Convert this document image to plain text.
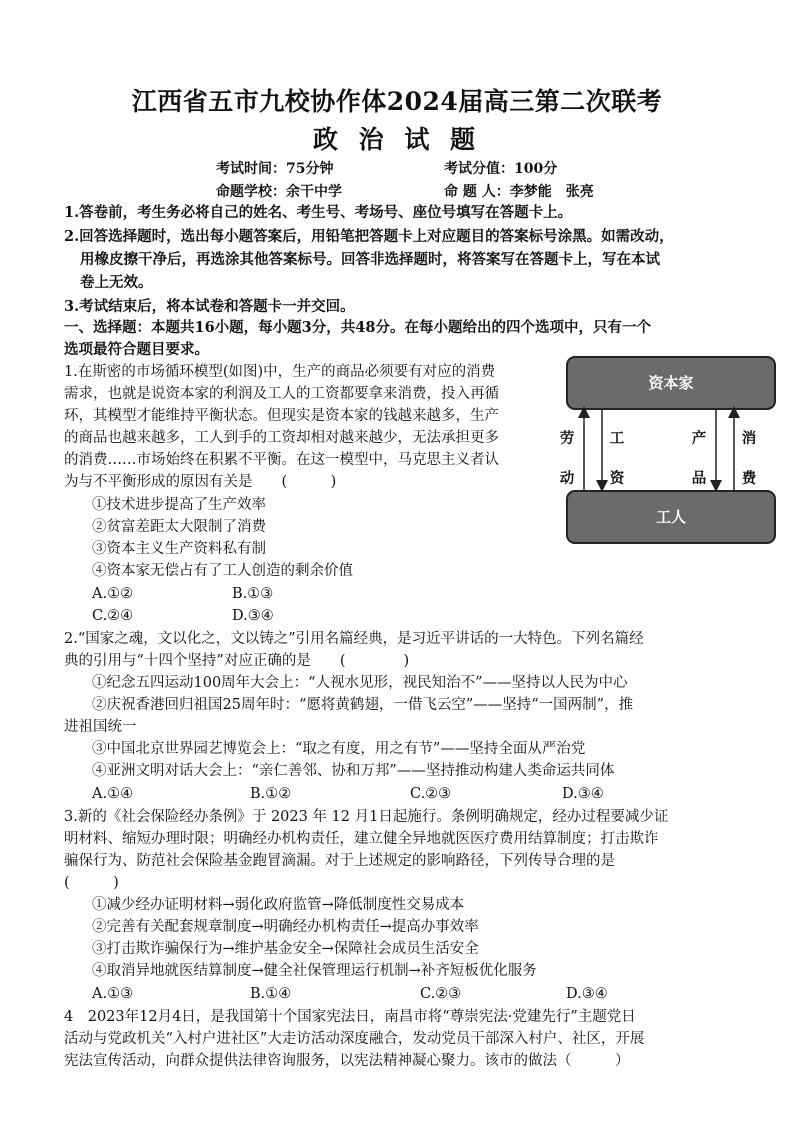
江西省五市九校协作体2024届高三第二次联考
政 治 试 题
考试时间：75分钟	考试分值：100分
命题学校：余干中学	命 题 人：李梦能　张亮
1.答卷前，考生务必将自己的姓名、考生号、考场号、座位号填写在答题卡上。
2.回答选择题时，选出每小题答案后，用铅笔把答题卡上对应题目的答案标号涂黑。如需改动，
用橡皮擦干净后，再选涂其他答案标号。回答非选择题时，将答案写在答题卡上，写在本试
卷上无效。
3.考试结束后，将本试卷和答题卡一并交回。
一、选择题：本题共16小题，每小题3分，共48分。在每小题给出的四个选项中，只有一个
选项最符合题目要求。
1.在斯密的市场循环模型(如图)中，生产的商品必须要有对应的消费
需求，也就是说资本家的利润及工人的工资都要拿来消费，投入再循
环，其模型才能维持平衡状态。但现实是资本家的钱越来越多，生产
的商品也越来越多，工人到手的工资却相对越来越少，无法承担更多
的消费……市场始终在积累不平衡。在这一模型中，马克思主义者认
为与不平衡形成的原因有关是　　(　　　)
①技术进步提高了生产效率
②贫富差距太大限制了消费
③资本主义生产资料私有制
④资本家无偿占有了工人创造的剩余价值
A.①②	B.①③
C.②④	D.③④
资本家
工人
劳
动
工
资
产
品
消
费
2.“国家之魂，文以化之，文以铸之”引用名篇经典，是习近平讲话的一大特色。下列名篇经
典的引用与“十四个坚持”对应正确的是　　(　　　　)
①纪念五四运动100周年大会上：“人视水见形，视民知治不”——坚持以人民为中心
②庆祝香港回归祖国25周年时：“愿将黄鹤翅，一借飞云空”——坚持“一国两制”，推
进祖国统一
③中国北京世界园艺博览会上：“取之有度，用之有节”——坚持全面从严治党
④亚洲文明对话大会上：“亲仁善邻、协和万邦”——坚持推动构建人类命运共同体
A.①④	B.①②	C.②③	D.③④
3.新的《社会保险经办条例》于 2023 年 12 月1日起施行。条例明确规定，经办过程要减少证
明材料、缩短办理时限；明确经办机构责任，建立健全异地就医医疗费用结算制度；打击欺诈
骗保行为、防范社会保险基金跑冒滴漏。对于上述规定的影响路径，下列传导合理的是
(　　　)
①减少经办证明材料→弱化政府监管→降低制度性交易成本
②完善有关配套规章制度→明确经办机构责任→提高办事效率
③打击欺诈骗保行为→维护基金安全→保障社会成员生活安全
④取消异地就医结算制度→健全社保管理运行机制→补齐短板优化服务
A.①③	B.①④	C.②③	D.③④
4　2023年12月4日，是我国第十个国家宪法日，南昌市将“尊崇宪法·党建先行”主题党日
活动与党政机关“入村户进社区”大走访活动深度融合，发动党员干部深入村户、社区，开展
宪法宣传活动，向群众提供法律咨询服务，以宪法精神凝心聚力。该市的做法（　　　）
